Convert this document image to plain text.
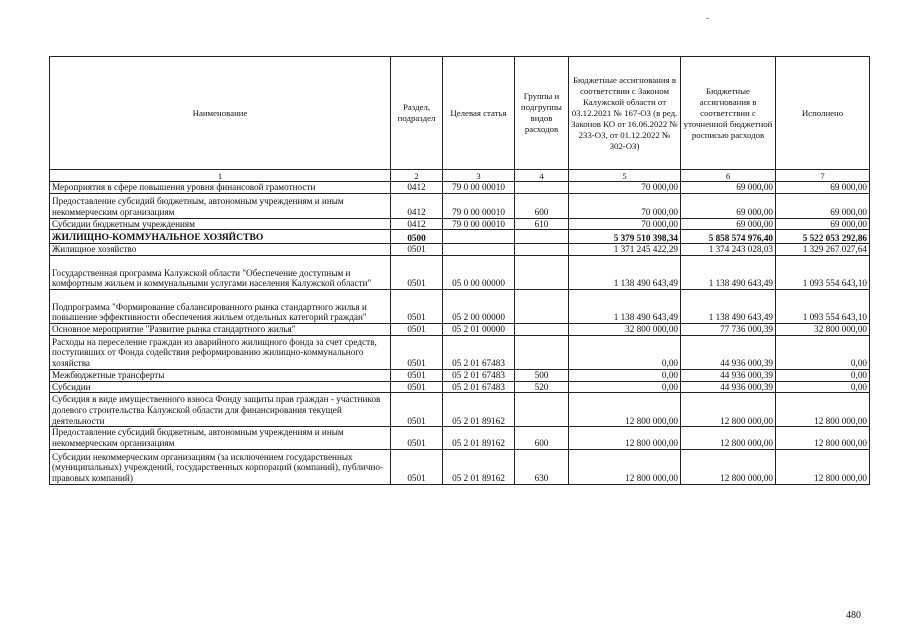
Наименование	Раздел, подраздел	Целевая статья	Группы и подгруппы видов расходов	Бюджетные ассигнования в соответствии с Законом Калужской области от 03.12.2021 № 167-ОЗ (в ред. Законов КО от 16.06.2022 № 233-ОЗ, от 01.12.2022 № 302-ОЗ)	Бюджетные ассигнования в соответствии с уточненной бюджетной росписью расходов	Исполнено
1	2	3	4	5	6	7
Мероприятия в сфере повышения уровня финансовой грамотности	0412	79 0 00 00010		70 000,00	69 000,00	69 000,00
Предоставление субсидий бюджетным, автономным учреждениям и иным некоммерческим организациям	0412	79 0 00 00010	600	70 000,00	69 000,00	69 000,00
Субсидии бюджетным учреждениям	0412	79 0 00 00010	610	70 000,00	69 000,00	69 000,00
ЖИЛИЩНО-КОММУНАЛЬНОЕ ХОЗЯЙСТВО	0500			5 379 510 398,34	5 858 574 976,40	5 522 053 292,86
Жилищное хозяйство	0501			1 371 245 422,29	1 374 243 028,03	1 329 267 027,64
Государственная программа Калужской области "Обеспечение доступным и комфортным жильем и коммунальными услугами населения Калужской области"	0501	05 0 00 00000		1 138 490 643,49	1 138 490 643,49	1 093 554 643,10
Подпрограмма "Формирование сбалансированного рынка стандартного жилья и повышение эффективности обеспечения жильем отдельных категорий граждан"	0501	05 2 00 00000		1 138 490 643,49	1 138 490 643,49	1 093 554 643,10
Основное мероприятие "Развитие рынка стандартного жилья"	0501	05 2 01 00000		32 800 000,00	77 736 000,39	32 800 000,00
Расходы на переселение граждан из аварийного жилищного фонда за счет средств, поступивших от Фонда содействия реформированию жилищно-коммунального хозяйства	0501	05 2 01 67483		0,00	44 936 000,39	0,00
Межбюджетные трансферты	0501	05 2 01 67483	500	0,00	44 936 000,39	0,00
Субсидии	0501	05 2 01 67483	520	0,00	44 936 000,39	0,00
Субсидия в виде имущественного взноса Фонду защиты прав граждан - участников долевого строительства Калужской области для финансирования текущей деятельности	0501	05 2 01 89162		12 800 000,00	12 800 000,00	12 800 000,00
Предоставление субсидий бюджетным, автономным учреждениям и иным некоммерческим организациям	0501	05 2 01 89162	600	12 800 000,00	12 800 000,00	12 800 000,00
Субсидии некоммерческим организациям (за исключением государственных (муниципальных) учреждений, государственных корпораций (компаний), публично-правовых компаний)	0501	05 2 01 89162	630	12 800 000,00	12 800 000,00	12 800 000,00
480
